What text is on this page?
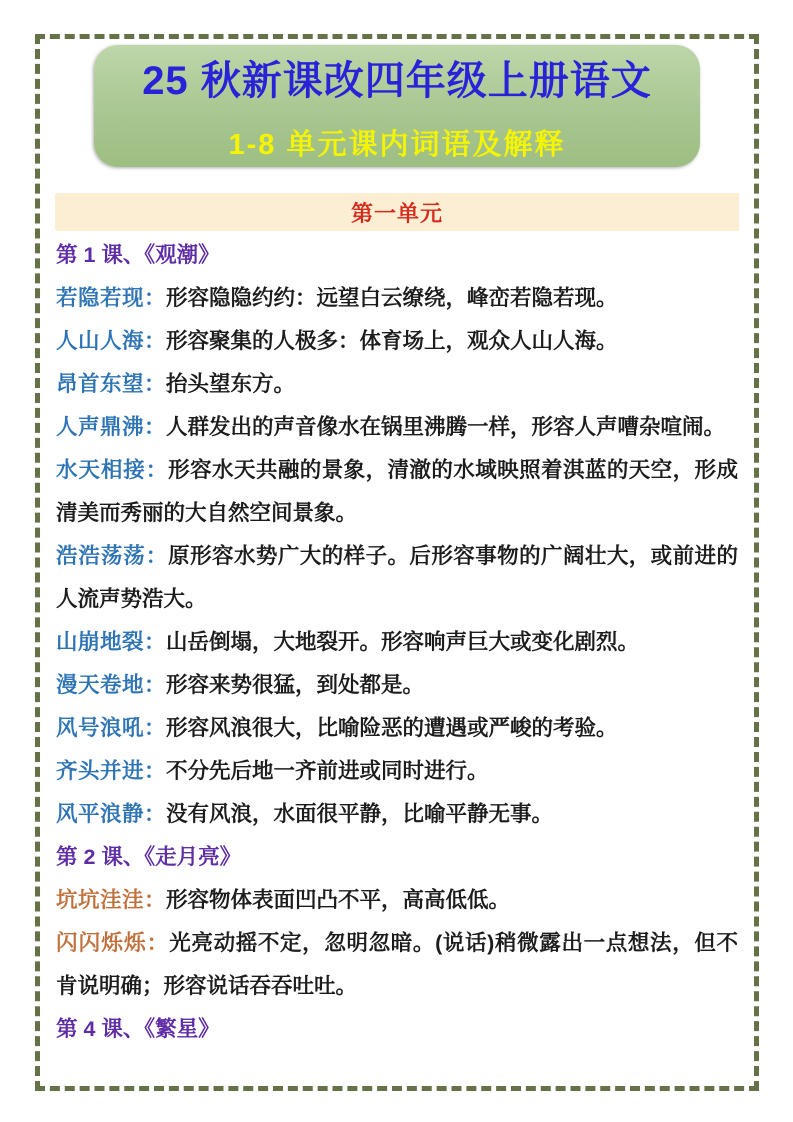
25 秋新课改四年级上册语文
1-8 单元课内词语及解释
第一单元
第 1 课、《观潮》
若隐若现：形容隐隐约约：远望白云缭绕，峰峦若隐若现。
人山人海：形容聚集的人极多：体育场上，观众人山人海。
昂首东望：抬头望东方。
人声鼎沸：人群发出的声音像水在锅里沸腾一样，形容人声嘈杂喧闹。
水天相接：形容水天共融的景象，清澈的水域映照着淇蓝的天空，形成清美而秀丽的大自然空间景象。
浩浩荡荡：原形容水势广大的样子。后形容事物的广阔壮大，或前进的人流声势浩大。
山崩地裂：山岳倒塌，大地裂开。形容响声巨大或变化剧烈。
漫天卷地：形容来势很猛，到处都是。
风号浪吼：形容风浪很大，比喻险恶的遭遇或严峻的考验。
齐头并进：不分先后地一齐前进或同时进行。
风平浪静：没有风浪，水面很平静，比喻平静无事。
第 2 课、《走月亮》
坑坑洼洼：形容物体表面凹凸不平，高高低低。
闪闪烁烁：光亮动摇不定，忽明忽暗。(说话)稍微露出一点想法，但不肯说明确；形容说话吞吞吐吐。
第 4 课、《繁星》
